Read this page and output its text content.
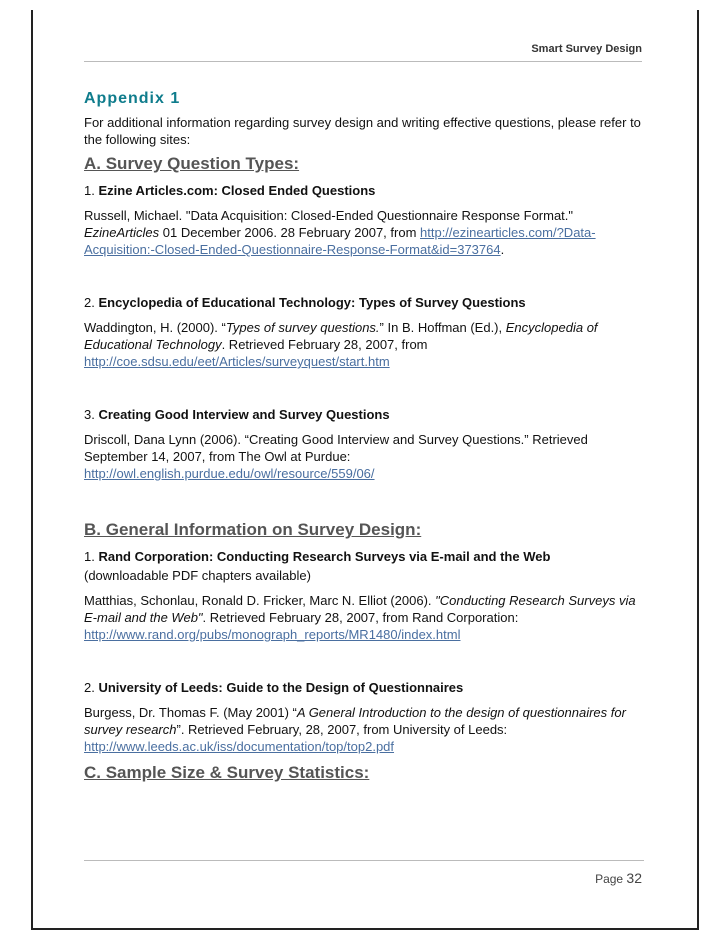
Smart Survey Design
Appendix 1

For additional information regarding survey design and writing effective questions, please refer to the following sites:

A. Survey Question Types:

1. Ezine Articles.com: Closed Ended Questions

Russell, Michael. "Data Acquisition: Closed-Ended Questionnaire Response Format." EzineArticles 01 December 2006. 28 February 2007, from http://ezinearticles.com/?Data-Acquisition:-Closed-Ended-Questionnaire-Response-Format&id=373764.

2. Encyclopedia of Educational Technology: Types of Survey Questions

Waddington, H. (2000). “Types of survey questions.” In B. Hoffman (Ed.), Encyclopedia of Educational Technology. Retrieved February 28, 2007, from http://coe.sdsu.edu/eet/Articles/surveyquest/start.htm

3. Creating Good Interview and Survey Questions

Driscoll, Dana Lynn (2006). “Creating Good Interview and Survey Questions.” Retrieved September 14, 2007, from The Owl at Purdue: http://owl.english.purdue.edu/owl/resource/559/06/

B. General Information on Survey Design:

1. Rand Corporation: Conducting Research Surveys via E-mail and the Web

(downloadable PDF chapters available)

Matthias, Schonlau, Ronald D. Fricker, Marc N. Elliot (2006). "Conducting Research Surveys via E-mail and the Web". Retrieved February 28, 2007, from Rand Corporation: http://www.rand.org/pubs/monograph_reports/MR1480/index.html

2. University of Leeds: Guide to the Design of Questionnaires

Burgess, Dr. Thomas F. (May 2001) “A General Introduction to the design of questionnaires for survey research”. Retrieved February, 28, 2007, from University of Leeds: http://www.leeds.ac.uk/iss/documentation/top/top2.pdf

C. Sample Size & Survey Statistics:
Page 32
